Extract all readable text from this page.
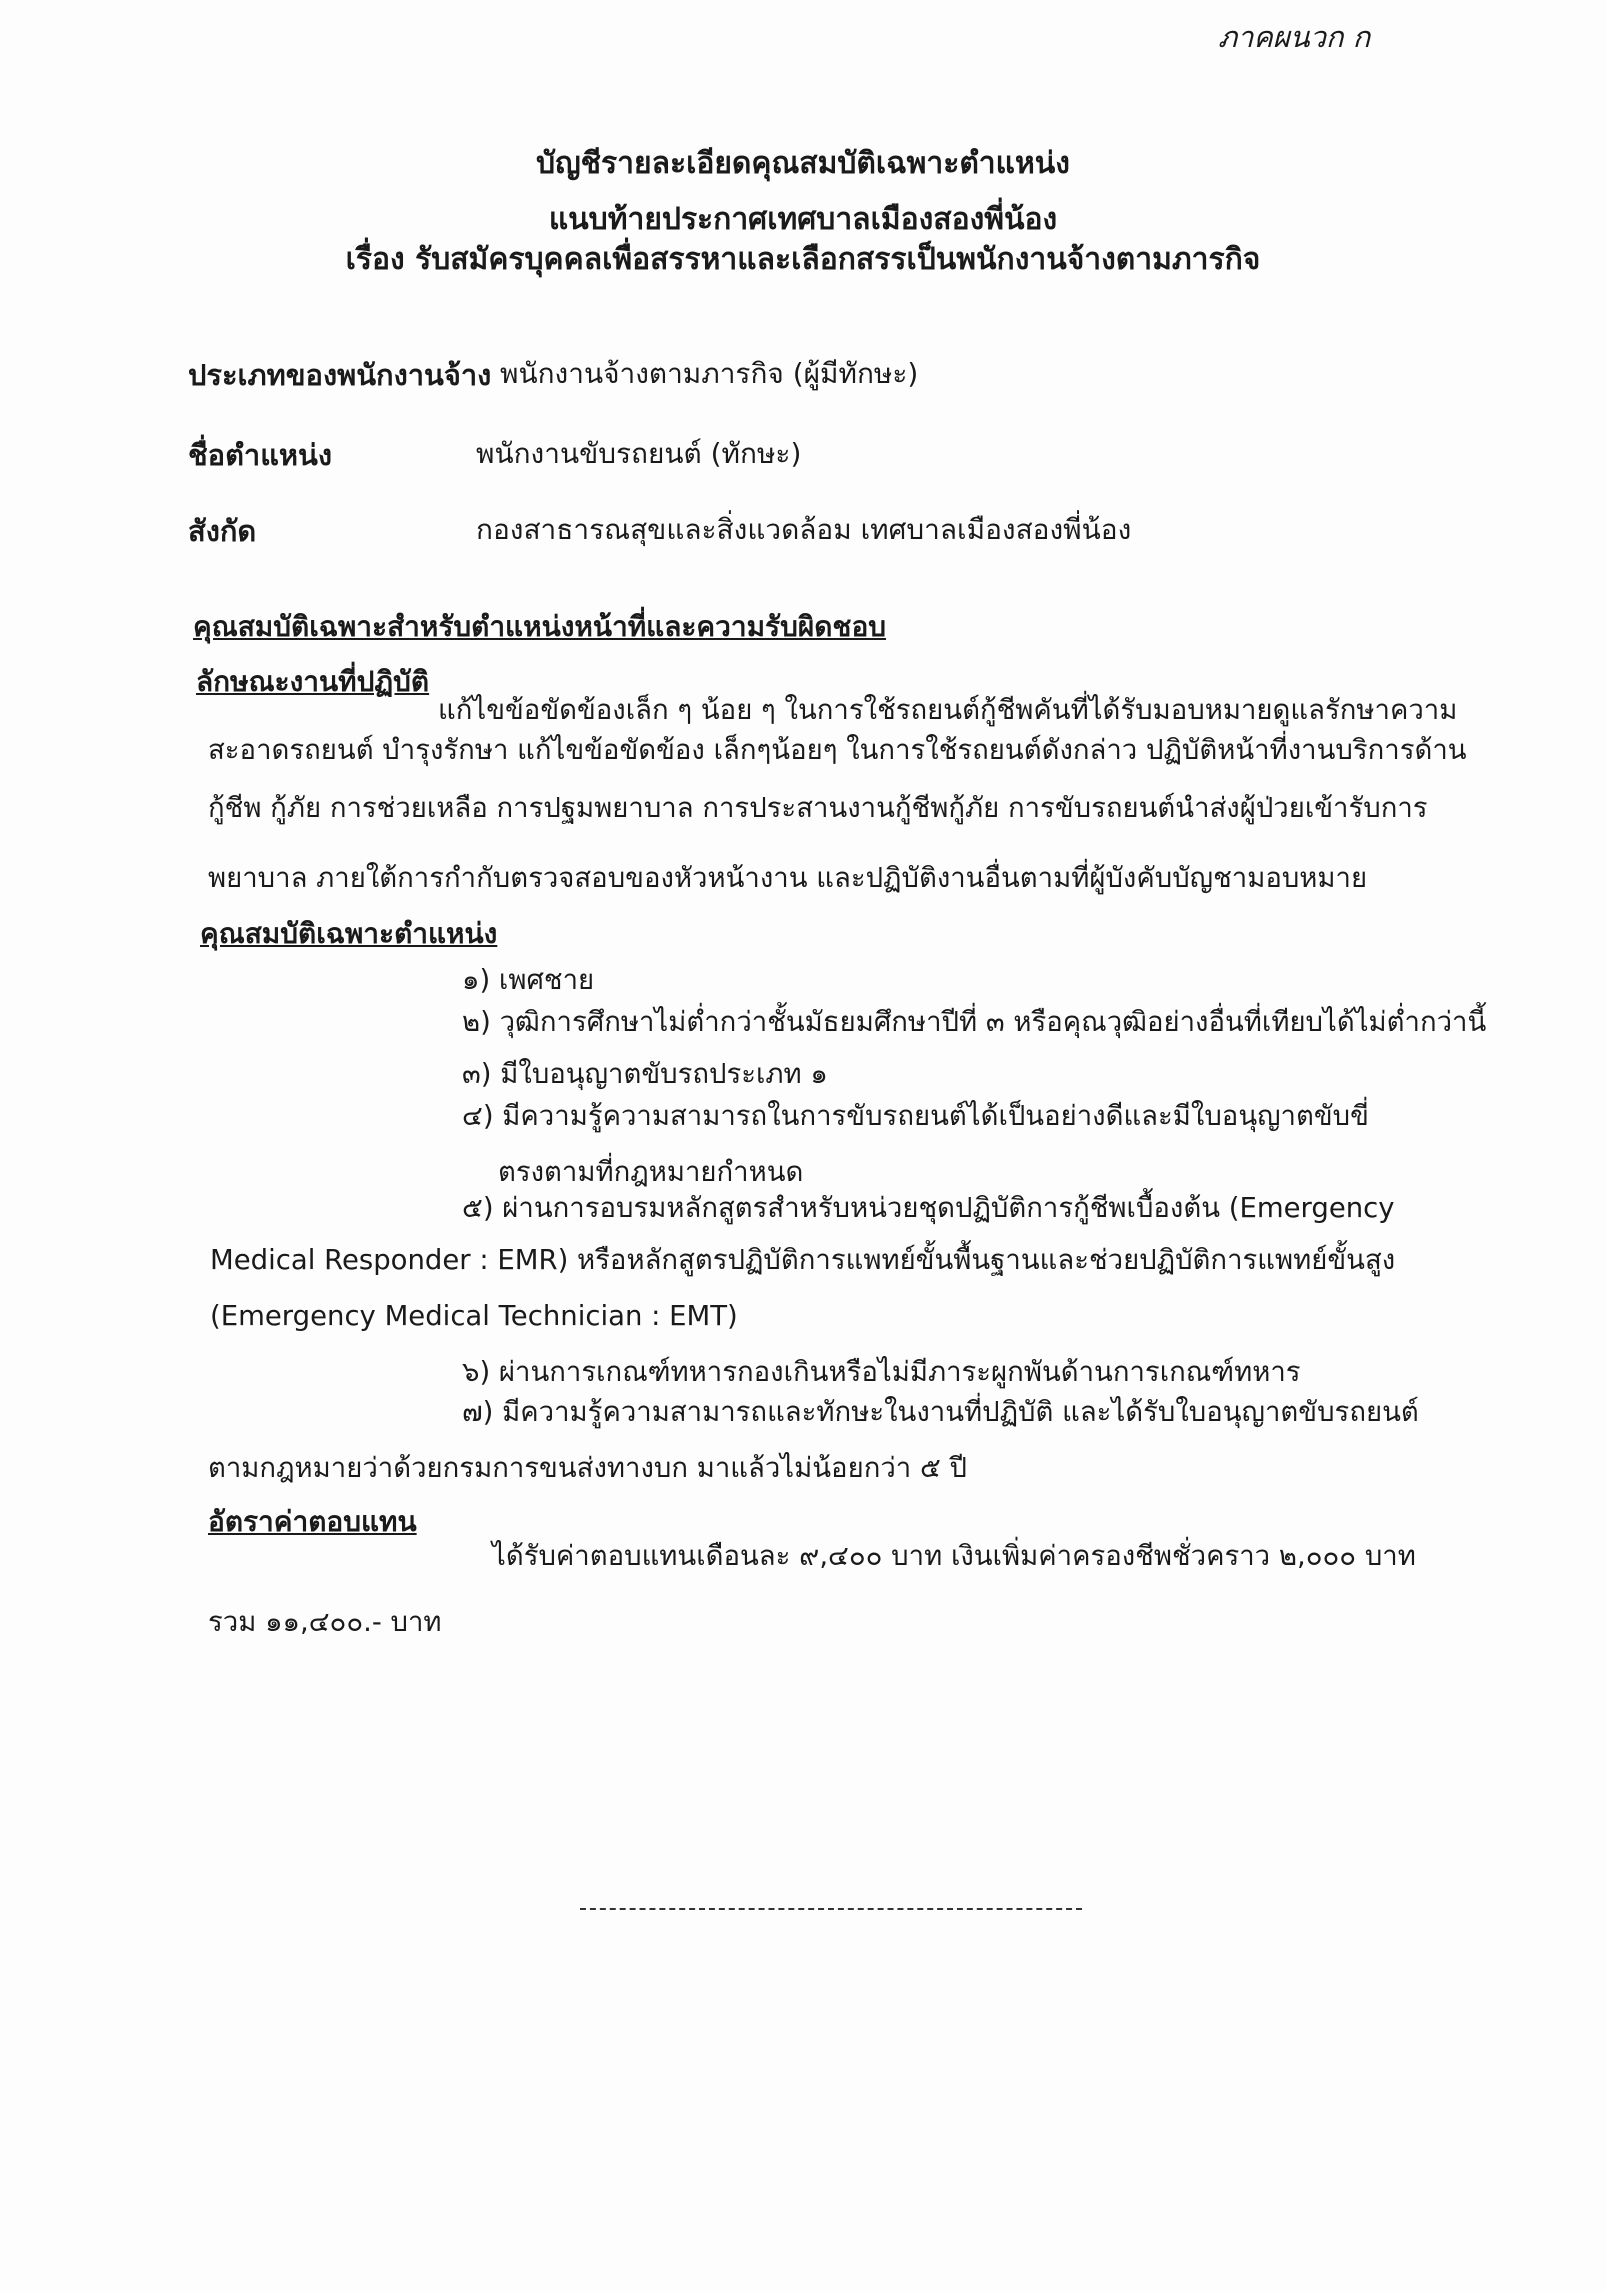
ภาคผนวก ก
บัญชีรายละเอียดคุณสมบัติเฉพาะตำแหน่ง
แนบท้ายประกาศเทศบาลเมืองสองพี่น้อง
เรื่อง รับสมัครบุคคลเพื่อสรรหาและเลือกสรรเป็นพนักงานจ้างตามภารกิจ
ประเภทของพนักงานจ้าง พนักงานจ้างตามภารกิจ (ผู้มีทักษะ)
ชื่อตำแหน่ง	พนักงานขับรถยนต์ (ทักษะ)
สังกัด	กองสาธารณสุขและสิ่งแวดล้อม เทศบาลเมืองสองพี่น้อง
คุณสมบัติเฉพาะสำหรับตำแหน่งหน้าที่และความรับผิดชอบ
ลักษณะงานที่ปฏิบัติ
แก้ไขข้อขัดข้องเล็ก ๆ น้อย ๆ ในการใช้รถยนต์กู้ชีพคันที่ได้รับมอบหมายดูแลรักษาความ
สะอาดรถยนต์ บำรุงรักษา แก้ไขข้อขัดข้อง เล็กๆน้อยๆ ในการใช้รถยนต์ดังกล่าว ปฏิบัติหน้าที่งานบริการด้าน
กู้ชีพ กู้ภัย การช่วยเหลือ การปฐมพยาบาล การประสานงานกู้ชีพกู้ภัย การขับรถยนต์นำส่งผู้ป่วยเข้ารับการ
พยาบาล ภายใต้การกำกับตรวจสอบของหัวหน้างาน และปฏิบัติงานอื่นตามที่ผู้บังคับบัญชามอบหมาย
คุณสมบัติเฉพาะตำแหน่ง
๑) เพศชาย
๒) วุฒิการศึกษาไม่ต่ำกว่าชั้นมัธยมศึกษาปีที่ ๓ หรือคุณวุฒิอย่างอื่นที่เทียบได้ไม่ต่ำกว่านี้
๓) มีใบอนุญาตขับรถประเภท ๑
๔) มีความรู้ความสามารถในการขับรถยนต์ได้เป็นอย่างดีและมีใบอนุญาตขับขี่
ตรงตามที่กฎหมายกำหนด
๕) ผ่านการอบรมหลักสูตรสำหรับหน่วยชุดปฏิบัติการกู้ชีพเบื้องต้น (Emergency
Medical Responder : EMR) หรือหลักสูตรปฏิบัติการแพทย์ขั้นพื้นฐานและช่วยปฏิบัติการแพทย์ขั้นสูง
(Emergency Medical Technician : EMT)
๖) ผ่านการเกณฑ์ทหารกองเกินหรือไม่มีภาระผูกพันด้านการเกณฑ์ทหาร
๗) มีความรู้ความสามารถและทักษะในงานที่ปฏิบัติ และได้รับใบอนุญาตขับรถยนต์
ตามกฎหมายว่าด้วยกรมการขนส่งทางบก มาแล้วไม่น้อยกว่า ๕ ปี
อัตราค่าตอบแทน
ได้รับค่าตอบแทนเดือนละ ๙,๔๐๐ บาท เงินเพิ่มค่าครองชีพชั่วคราว ๒,๐๐๐ บาท
รวม ๑๑,๔๐๐.- บาท
